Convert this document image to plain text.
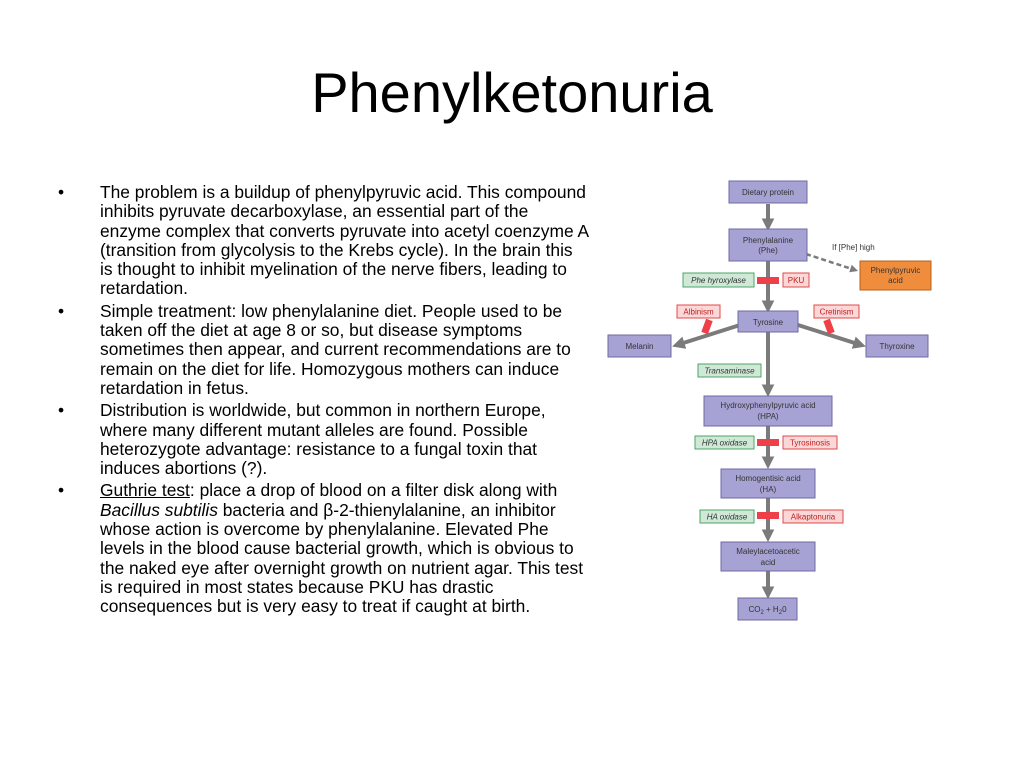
Phenylketonuria
• The problem is a buildup of phenylpyruvic acid. This compound inhibits pyruvate decarboxylase, an essential part of the enzyme complex that converts pyruvate into acetyl coenzyme A (transition from glycolysis to the Krebs cycle). In the brain this is thought to inhibit myelination of the nerve fibers, leading to retardation.
• Simple treatment: low phenylalanine diet. People used to be taken off the diet at age 8 or so, but disease symptoms sometimes then appear, and current recommendations are to remain on the diet for life. Homozygous mothers can induce retardation in fetus.
• Distribution is worldwide, but common in northern Europe, where many different mutant alleles are found. Possible heterozygote advantage: resistance to a fungal toxin that induces abortions (?).
• Guthrie test: place a drop of blood on a filter disk along with Bacillus subtilis bacteria and β-2-thienylalanine, an inhibitor whose action is overcome by phenylalanine. Elevated Phe levels in the blood cause bacterial growth, which is obvious to the naked eye after overnight growth on nutrient agar. This test is required in most states because PKU has drastic consequences but is very easy to treat if caught at birth.
Dietary protein
Phenylalanine
(Phe)	If [Phe] high
Phenylpyruvic
acid
Tyrosine
Melanin	Thyroxine
Hydroxyphenylpyruvic acid
(HPA)
Homogentisic acid
(HA)
Maleylacetoacetic
acid
$CO_2 + H_20$
Phe hyroxylase
Transaminase
HPA oxidase
HA oxidase
PKU
Albinism	Cretinism
Tyrosinosis
Alkaptonuria
